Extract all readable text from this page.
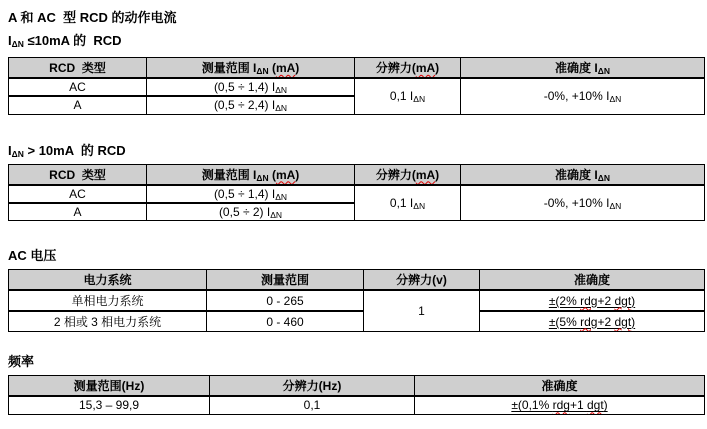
A 和 AC  型 RCD 的动作电流
$I_{\Delta N} \le 10mA$ 的  RCD
RCD  类型	测量范围 $I_{\Delta N}$ (mA)	分辨力(mA)	准确度 $I_{\Delta N}$
AC	(0,5 ÷ 1,4) $I_{\Delta N}$	0,1 $I_{\Delta N}$	-0%, +10% $I_{\Delta N}$
A	(0,5 ÷ 2,4) $I_{\Delta N}$
$I_{\Delta N} > 10mA$  的 RCD
RCD  类型	测量范围 $I_{\Delta N}$ (mA)	分辨力(mA)	准确度 $I_{\Delta N}$
AC	(0,5 ÷ 1,4) $I_{\Delta N}$	0,1 $I_{\Delta N}$	-0%, +10% $I_{\Delta N}$
A	(0,5 ÷ 2) $I_{\Delta N}$
AC 电压
电力系统	测量范围	分辨力(v)	准确度
单相电力系统	0 - 265	1	±(2% rdg+2 dgt)
2 相或 3 相电力系统	0 - 460		±(5% rdg+2 dgt)
频率
测量范围(Hz)	分辨力(Hz)	准确度
15,3 – 99,9	0,1	±(0,1% rdg+1 dgt)
